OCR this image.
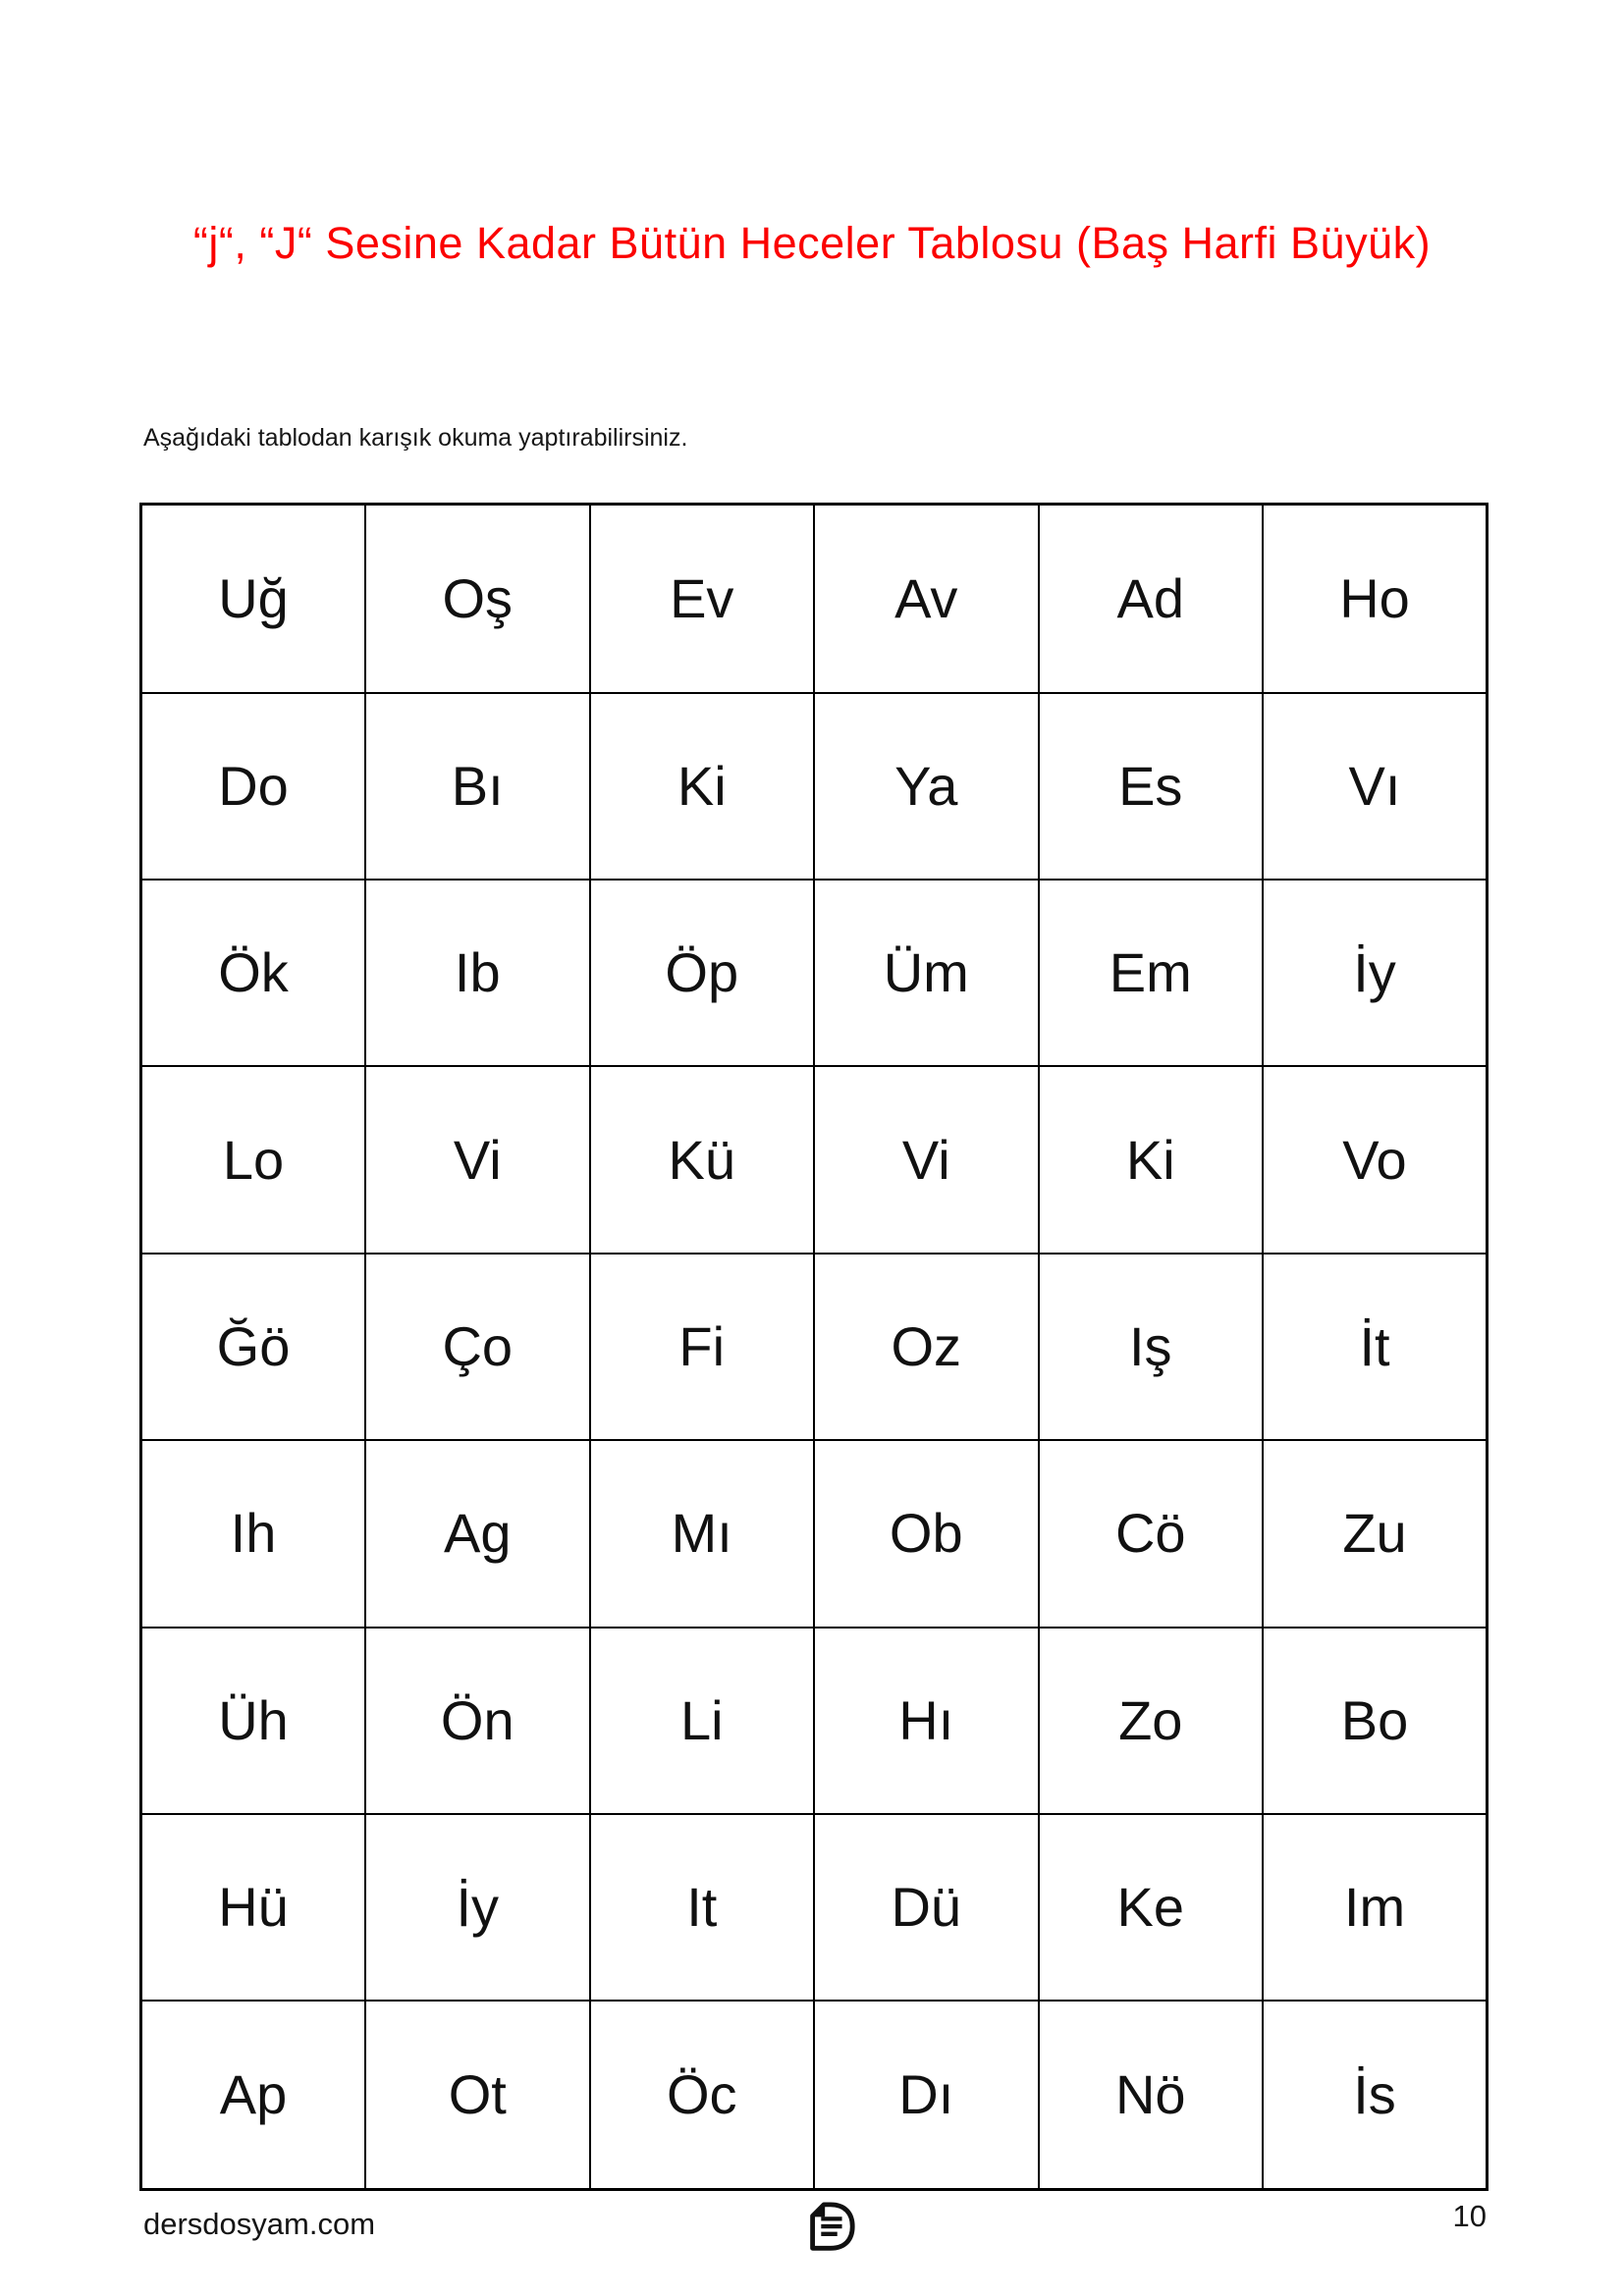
“j“, “J“ Sesine Kadar Bütün Heceler Tablosu (Baş Harfi Büyük)
Aşağıdaki tablodan karışık okuma yaptırabilirsiniz.
Uğ	Oş	Ev	Av	Ad	Ho
Do	Bı	Ki	Ya	Es	Vı
Ök	Ib	Öp	Üm	Em	İy
Lo	Vi	Kü	Vi	Ki	Vo
Ğö	Ço	Fi	Oz	Iş	İt
Ih	Ag	Mı	Ob	Cö	Zu
Üh	Ön	Li	Hı	Zo	Bo
Hü	İy	It	Dü	Ke	Im
Ap	Ot	Öc	Dı	Nö	İs
dersdosyam.com	10
